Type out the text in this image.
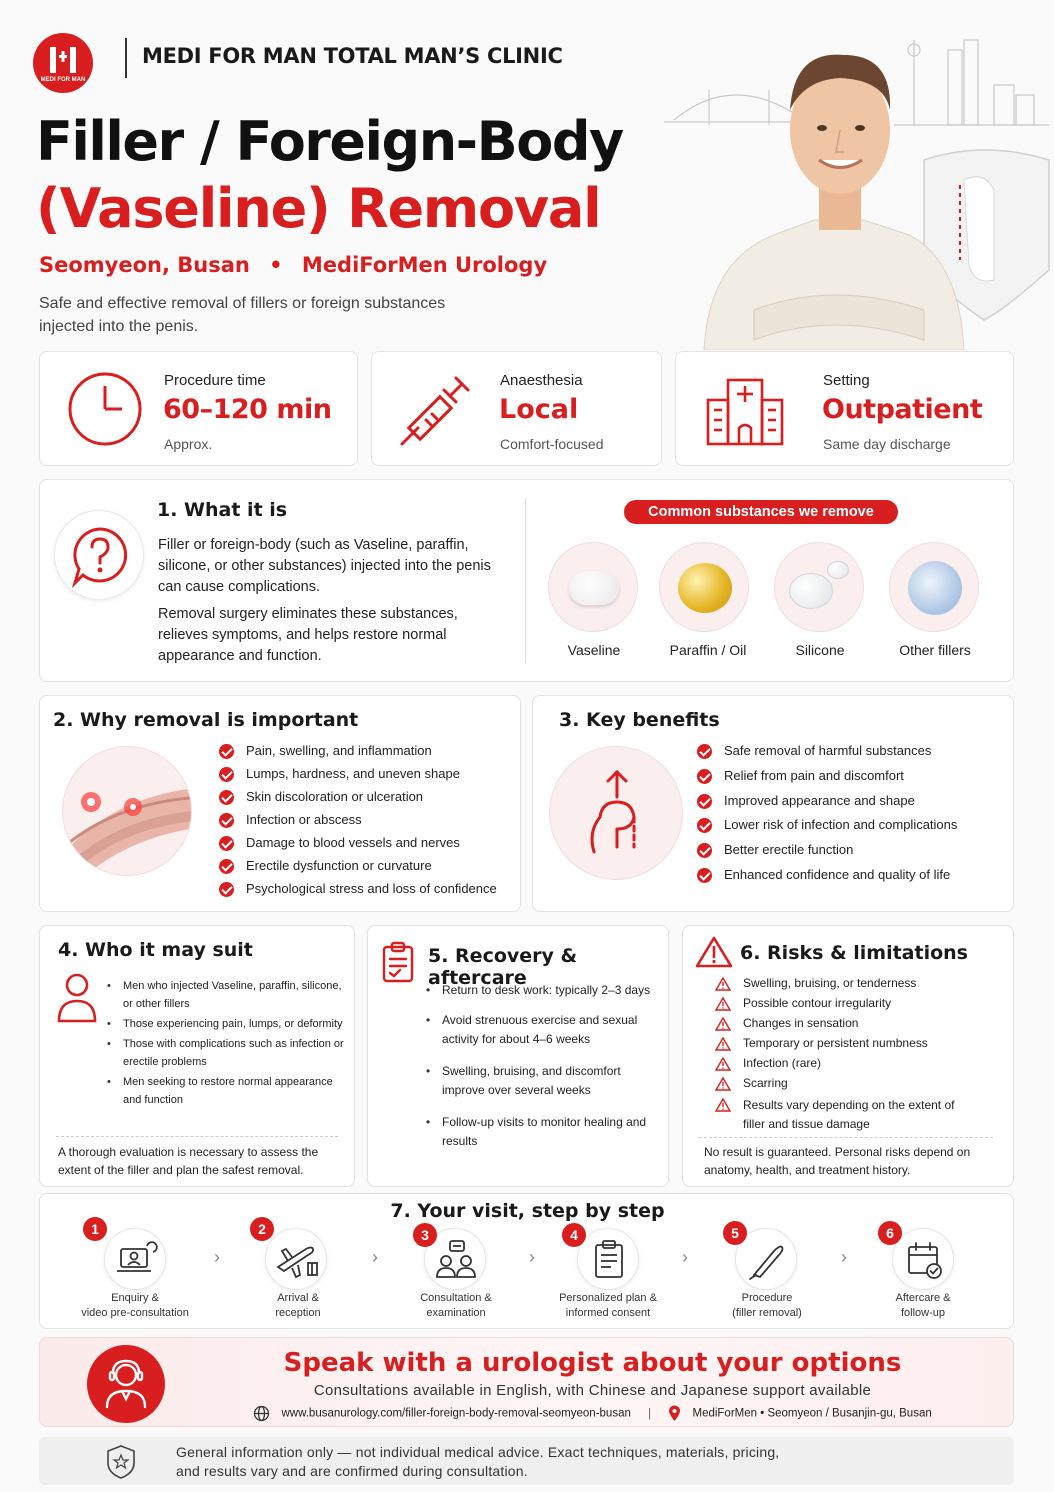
MEDI FOR MAN
MEDI FOR MAN TOTAL MAN’S CLINIC
Filler / Foreign-Body
(Vaseline) Removal
Seomyeon, Busan • MediForMen Urology
Safe and effective removal of fillers or foreign substances
injected into the penis.
Procedure time
60–120 min
Approx.
Anaesthesia
Local
Comfort-focused
Setting
Outpatient
Same day discharge
1. What it is
Filler or foreign-body (such as Vaseline, paraffin, silicone, or other substances) injected into the penis can cause complications.
Removal surgery eliminates these substances, relieves symptoms, and helps restore normal appearance and function.
Common substances we remove
Vaseline	Paraffin / Oil	Silicone	Other fillers
2. Why removal is important
Pain, swelling, and inflammation
Lumps, hardness, and uneven shape
Skin discoloration or ulceration
Infection or abscess
Damage to blood vessels and nerves
Erectile dysfunction or curvature
Psychological stress and loss of confidence
3. Key benefits
Safe removal of harmful substances
Relief from pain and discomfort
Improved appearance and shape
Lower risk of infection and complications
Better erectile function
Enhanced confidence and quality of life
4. Who it may suit
• Men who injected Vaseline, paraffin, silicone, or other fillers
• Those experiencing pain, lumps, or deformity
• Those with complications such as infection or erectile problems
• Men seeking to restore normal appearance and function
A thorough evaluation is necessary to assess the extent of the filler and plan the safest removal.
5. Recovery & aftercare
• Return to desk work: typically 2–3 days
• Avoid strenuous exercise and sexual activity for about 4–6 weeks
• Swelling, bruising, and discomfort improve over several weeks
• Follow-up visits to monitor healing and results
6. Risks & limitations
Swelling, bruising, or tenderness
Possible contour irregularity
Changes in sensation
Temporary or persistent numbness
Infection (rare)
Scarring
Results vary depending on the extent of filler and tissue damage
No result is guaranteed. Personal risks depend on anatomy, health, and treatment history.
7. Your visit, step by step
1
Enquiry &
video pre-consultation
›
2
Arrival &
reception
›
3
Consultation &
examination
›
4
Personalized plan &
informed consent
›
5
Procedure
(filler removal)
›
6
Aftercare &
follow-up
Speak with a urologist about your options
Consultations available in English, with Chinese and Japanese support available
www.busanurology.com/filler-foreign-body-removal-seomyeon-busan |	MediForMen • Seomyeon / Busanjin-gu, Busan
General information only — not individual medical advice. Exact techniques, materials, pricing,
and results vary and are confirmed during consultation.
